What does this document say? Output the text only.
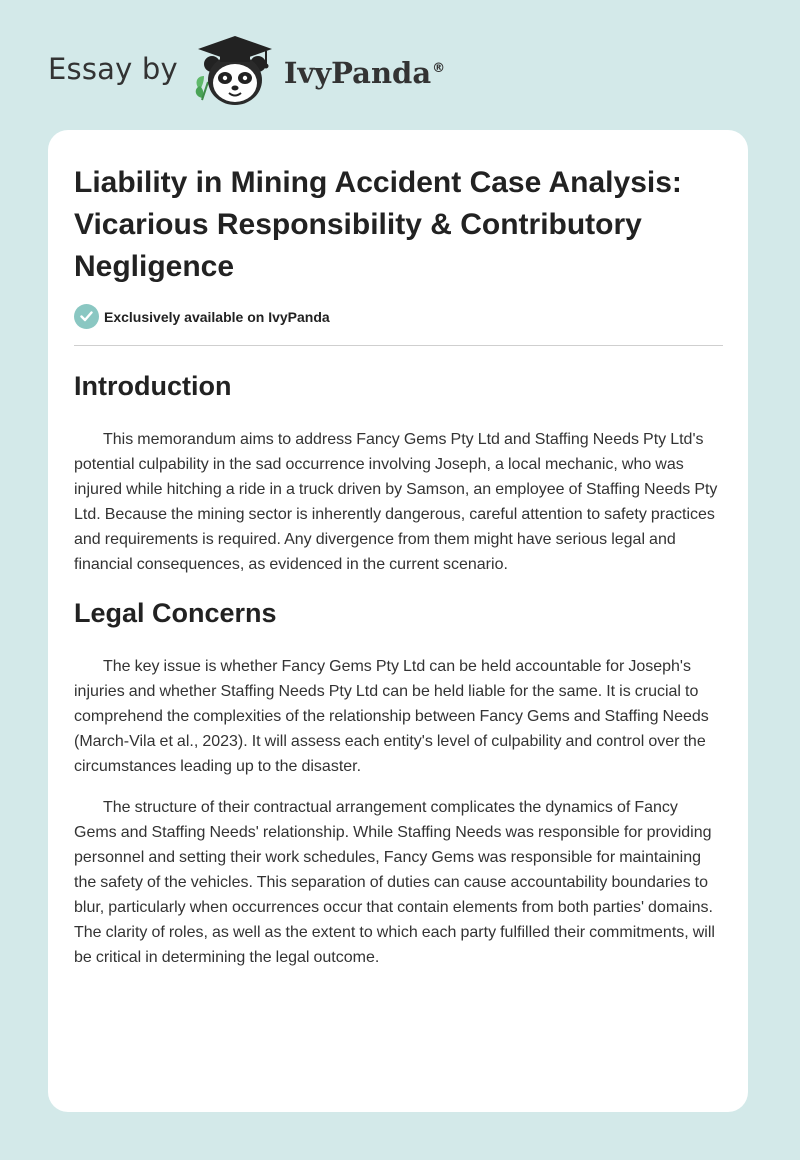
Essay by	IvyPanda®
Liability in Mining Accident Case Analysis: Vicarious Responsibility & Contributory Negligence
Exclusively available on IvyPanda
Introduction

This memorandum aims to address Fancy Gems Pty Ltd and Staffing Needs Pty Ltd's potential culpability in the sad occurrence involving Joseph, a local mechanic, who was injured while hitching a ride in a truck driven by Samson, an employee of Staffing Needs Pty Ltd. Because the mining sector is inherently dangerous, careful attention to safety practices and requirements is required. Any divergence from them might have serious legal and financial consequences, as evidenced in the current scenario.

Legal Concerns

The key issue is whether Fancy Gems Pty Ltd can be held accountable for Joseph's injuries and whether Staffing Needs Pty Ltd can be held liable for the same. It is crucial to comprehend the complexities of the relationship between Fancy Gems and Staffing Needs (March-Vila et al., 2023). It will assess each entity's level of culpability and control over the circumstances leading up to the disaster.

The structure of their contractual arrangement complicates the dynamics of Fancy Gems and Staffing Needs' relationship. While Staffing Needs was responsible for providing personnel and setting their work schedules, Fancy Gems was responsible for maintaining the safety of the vehicles. This separation of duties can cause accountability boundaries to blur, particularly when occurrences occur that contain elements from both parties' domains. The clarity of roles, as well as the extent to which each party fulfilled their commitments, will be critical in determining the legal outcome.
